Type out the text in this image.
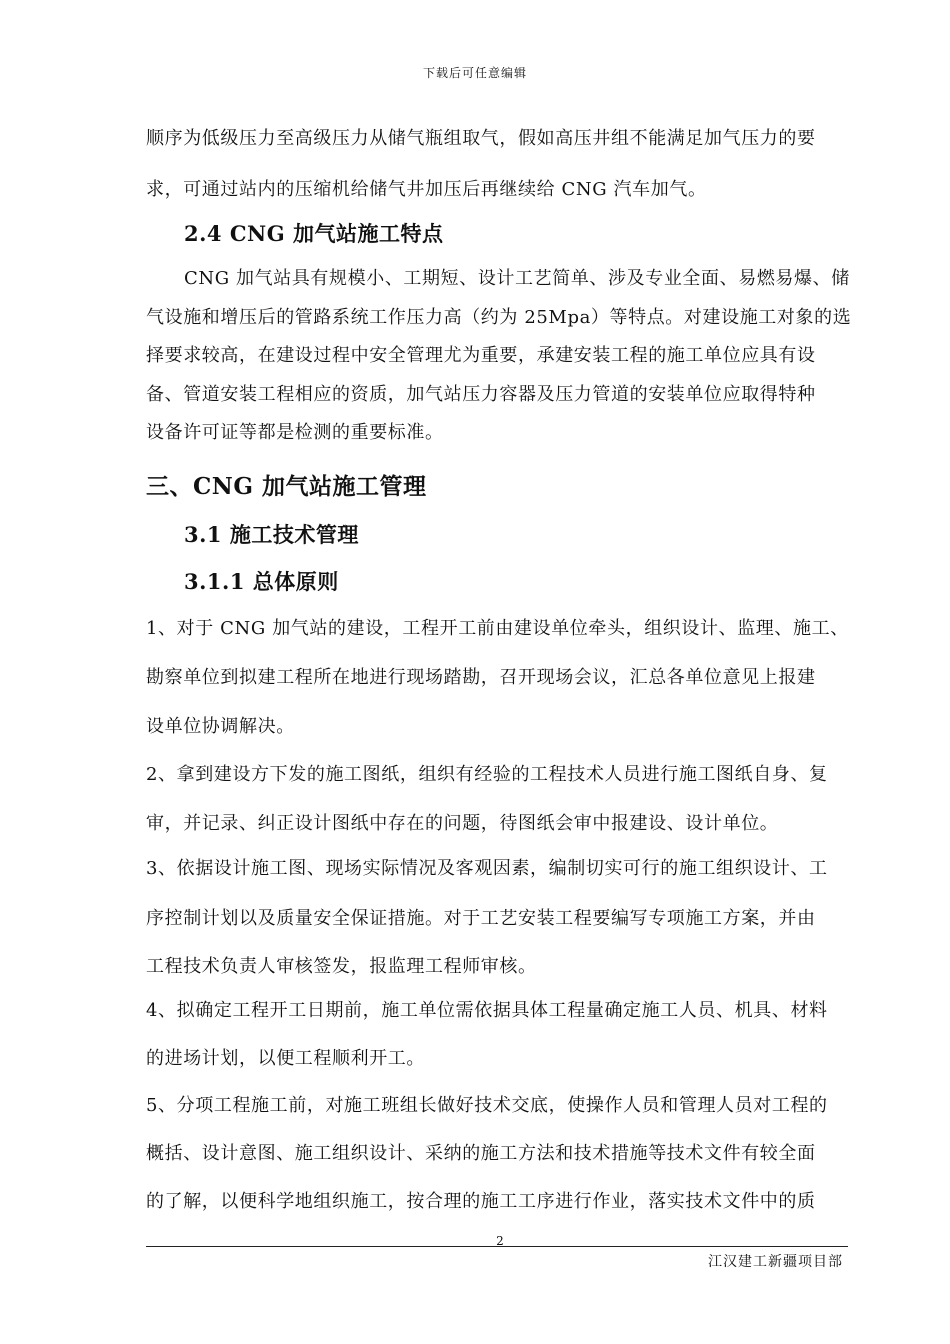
下载后可任意编辑
顺序为低级压力至高级压力从储气瓶组取气，假如高压井组不能满足加气压力的要
求，可通过站内的压缩机给储气井加压后再继续给 CNG 汽车加气。
2.4 CNG 加气站施工特点
CNG 加气站具有规模小、工期短、设计工艺简单、涉及专业全面、易燃易爆、储
气设施和增压后的管路系统工作压力高（约为 25Mpa）等特点。对建设施工对象的选
择要求较高，在建设过程中安全管理尤为重要，承建安装工程的施工单位应具有设
备、管道安装工程相应的资质，加气站压力容器及压力管道的安装单位应取得特种
设备许可证等都是检测的重要标准。
三、CNG 加气站施工管理
3.1 施工技术管理
3.1.1 总体原则
1、对于 CNG 加气站的建设，工程开工前由建设单位牵头，组织设计、监理、施工、
勘察单位到拟建工程所在地进行现场踏勘，召开现场会议，汇总各单位意见上报建
设单位协调解决。
2、拿到建设方下发的施工图纸，组织有经验的工程技术人员进行施工图纸自身、复
审，并记录、纠正设计图纸中存在的问题，待图纸会审中报建设、设计单位。
3、依据设计施工图、现场实际情况及客观因素，编制切实可行的施工组织设计、工
序控制计划以及质量安全保证措施。对于工艺安装工程要编写专项施工方案，并由
工程技术负责人审核签发，报监理工程师审核。
4、拟确定工程开工日期前，施工单位需依据具体工程量确定施工人员、机具、材料
的进场计划，以便工程顺利开工。
5、分项工程施工前，对施工班组长做好技术交底，使操作人员和管理人员对工程的
概括、设计意图、施工组织设计、采纳的施工方法和技术措施等技术文件有较全面
的了解，以便科学地组织施工，按合理的施工工序进行作业，落实技术文件中的质
2
江汉建工新疆项目部
